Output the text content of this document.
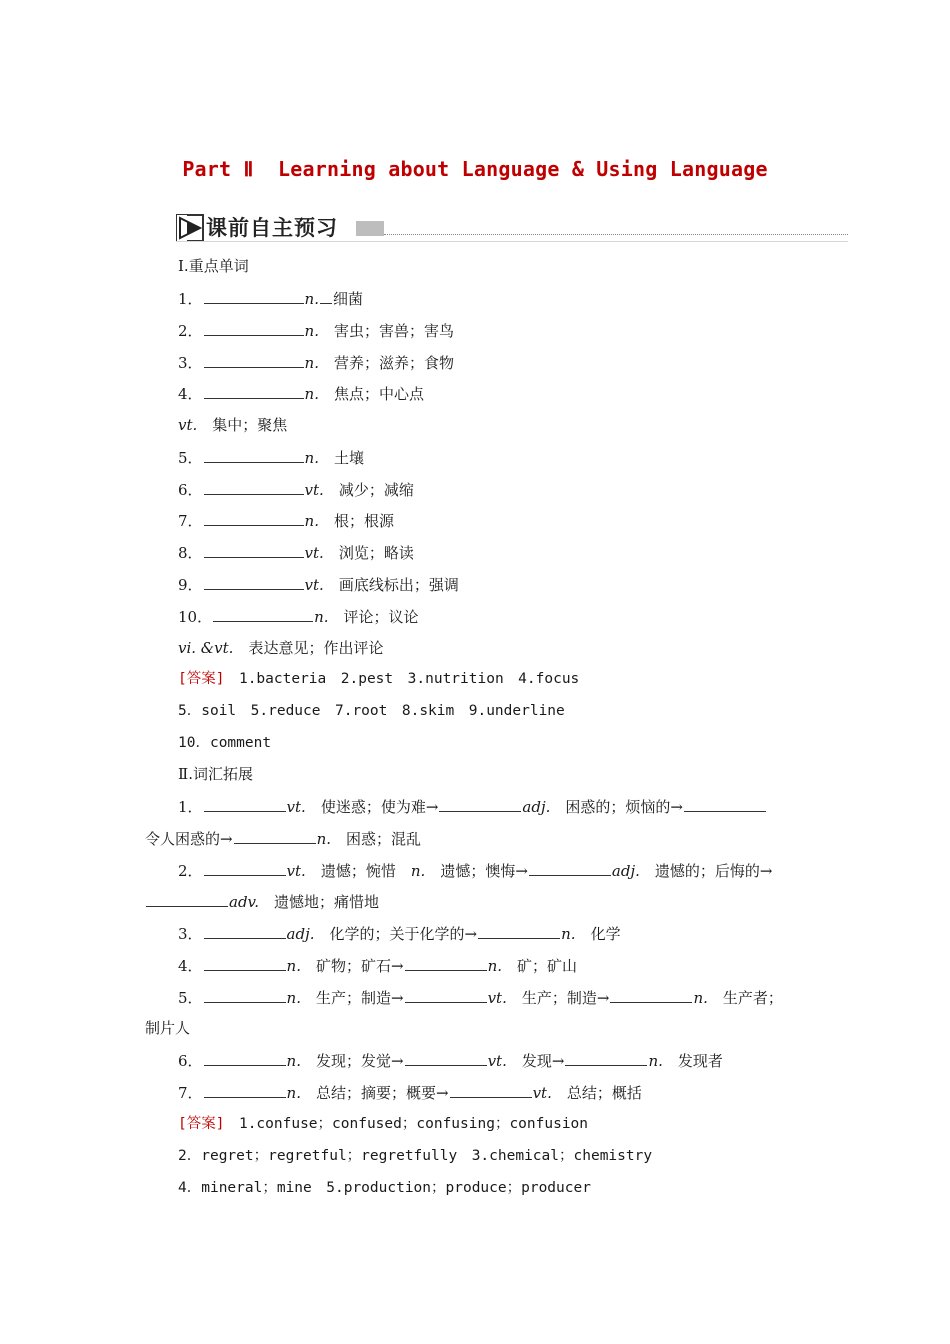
Part Ⅱ  Learning about Language & Using Language
课前自主预习
Ⅰ.重点单词
1．	n. 细菌
2．	n.　 害虫；害兽；害鸟
3．	n.　 营养；滋养；食物
4．	n.　 焦点；中心点
vt.　 集中；聚焦
5．	n.　 土壤
6．	vt.　 减少；减缩
7．	n.　 根；根源
8．	vt.　 浏览；略读
9．	vt.　 画底线标出；强调
10．	n.　 评论；议论
vi. &vt.　 表达意见；作出评论
[答案]　 1.bacteria　2.pest　3.nutrition　4.focus
5．soil　5.reduce　7.root　8.skim　9.underline
10．comment
Ⅱ.词汇拓展
1．	vt.　 使迷惑；使为难→	adj.　 困惑的；烦恼的→
令人困惑的→	n.　 困惑；混乱
2．	vt.　 遗憾；惋惜　 n.　 遗憾；懊悔→	adj.　 遗憾的；后悔的→
adv.　 遗憾地；痛惜地
3．	adj.　 化学的；关于化学的→	n.　 化学
4．	n.　 矿物；矿石→	n.　 矿；矿山
5．	n.　 生产；制造→	vt.　 生产；制造→	n.　 生产者；
制片人
6．	n.　 发现；发觉→	vt.　 发现→	n.　 发现者
7．	n.　 总结；摘要；概要→	vt.　 总结；概括
[答案]　 1.confuse；confused；confusing；confusion
2．regret；regretful；regretfully　3.chemical；chemistry
4．mineral；mine　5.production；produce；producer
